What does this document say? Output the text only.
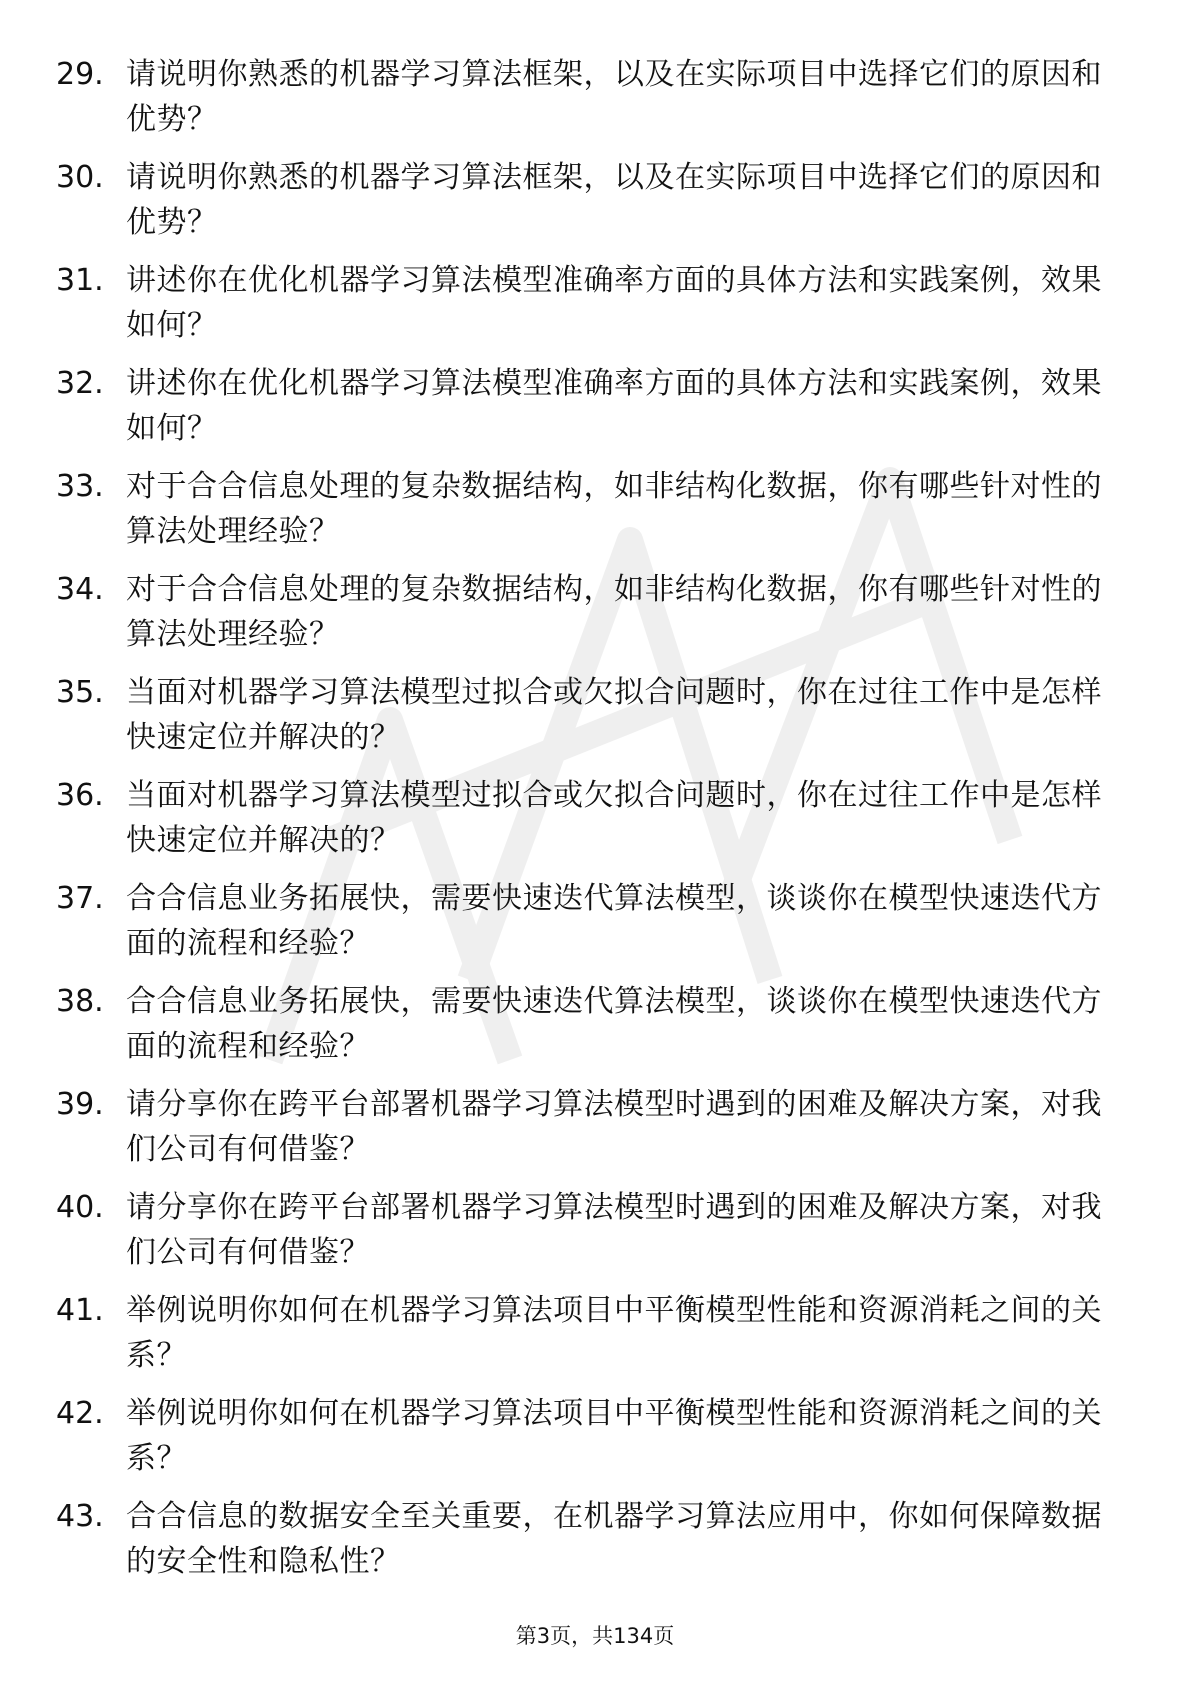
29. 请说明你熟悉的机器学习算法框架，以及在实际项目中选择它们的原因和优势？
30. 请说明你熟悉的机器学习算法框架，以及在实际项目中选择它们的原因和优势？
31. 讲述你在优化机器学习算法模型准确率方面的具体方法和实践案例，效果如何？
32. 讲述你在优化机器学习算法模型准确率方面的具体方法和实践案例，效果如何？
33. 对于合合信息处理的复杂数据结构，如非结构化数据，你有哪些针对性的算法处理经验？
34. 对于合合信息处理的复杂数据结构，如非结构化数据，你有哪些针对性的算法处理经验？
35. 当面对机器学习算法模型过拟合或欠拟合问题时，你在过往工作中是怎样快速定位并解决的？
36. 当面对机器学习算法模型过拟合或欠拟合问题时，你在过往工作中是怎样快速定位并解决的？
37. 合合信息业务拓展快，需要快速迭代算法模型，谈谈你在模型快速迭代方面的流程和经验？
38. 合合信息业务拓展快，需要快速迭代算法模型，谈谈你在模型快速迭代方面的流程和经验？
39. 请分享你在跨平台部署机器学习算法模型时遇到的困难及解决方案，对我们公司有何借鉴？
40. 请分享你在跨平台部署机器学习算法模型时遇到的困难及解决方案，对我们公司有何借鉴？
41. 举例说明你如何在机器学习算法项目中平衡模型性能和资源消耗之间的关系？
42. 举例说明你如何在机器学习算法项目中平衡模型性能和资源消耗之间的关系？
43. 合合信息的数据安全至关重要，在机器学习算法应用中，你如何保障数据的安全性和隐私性？
第3页，共134页
